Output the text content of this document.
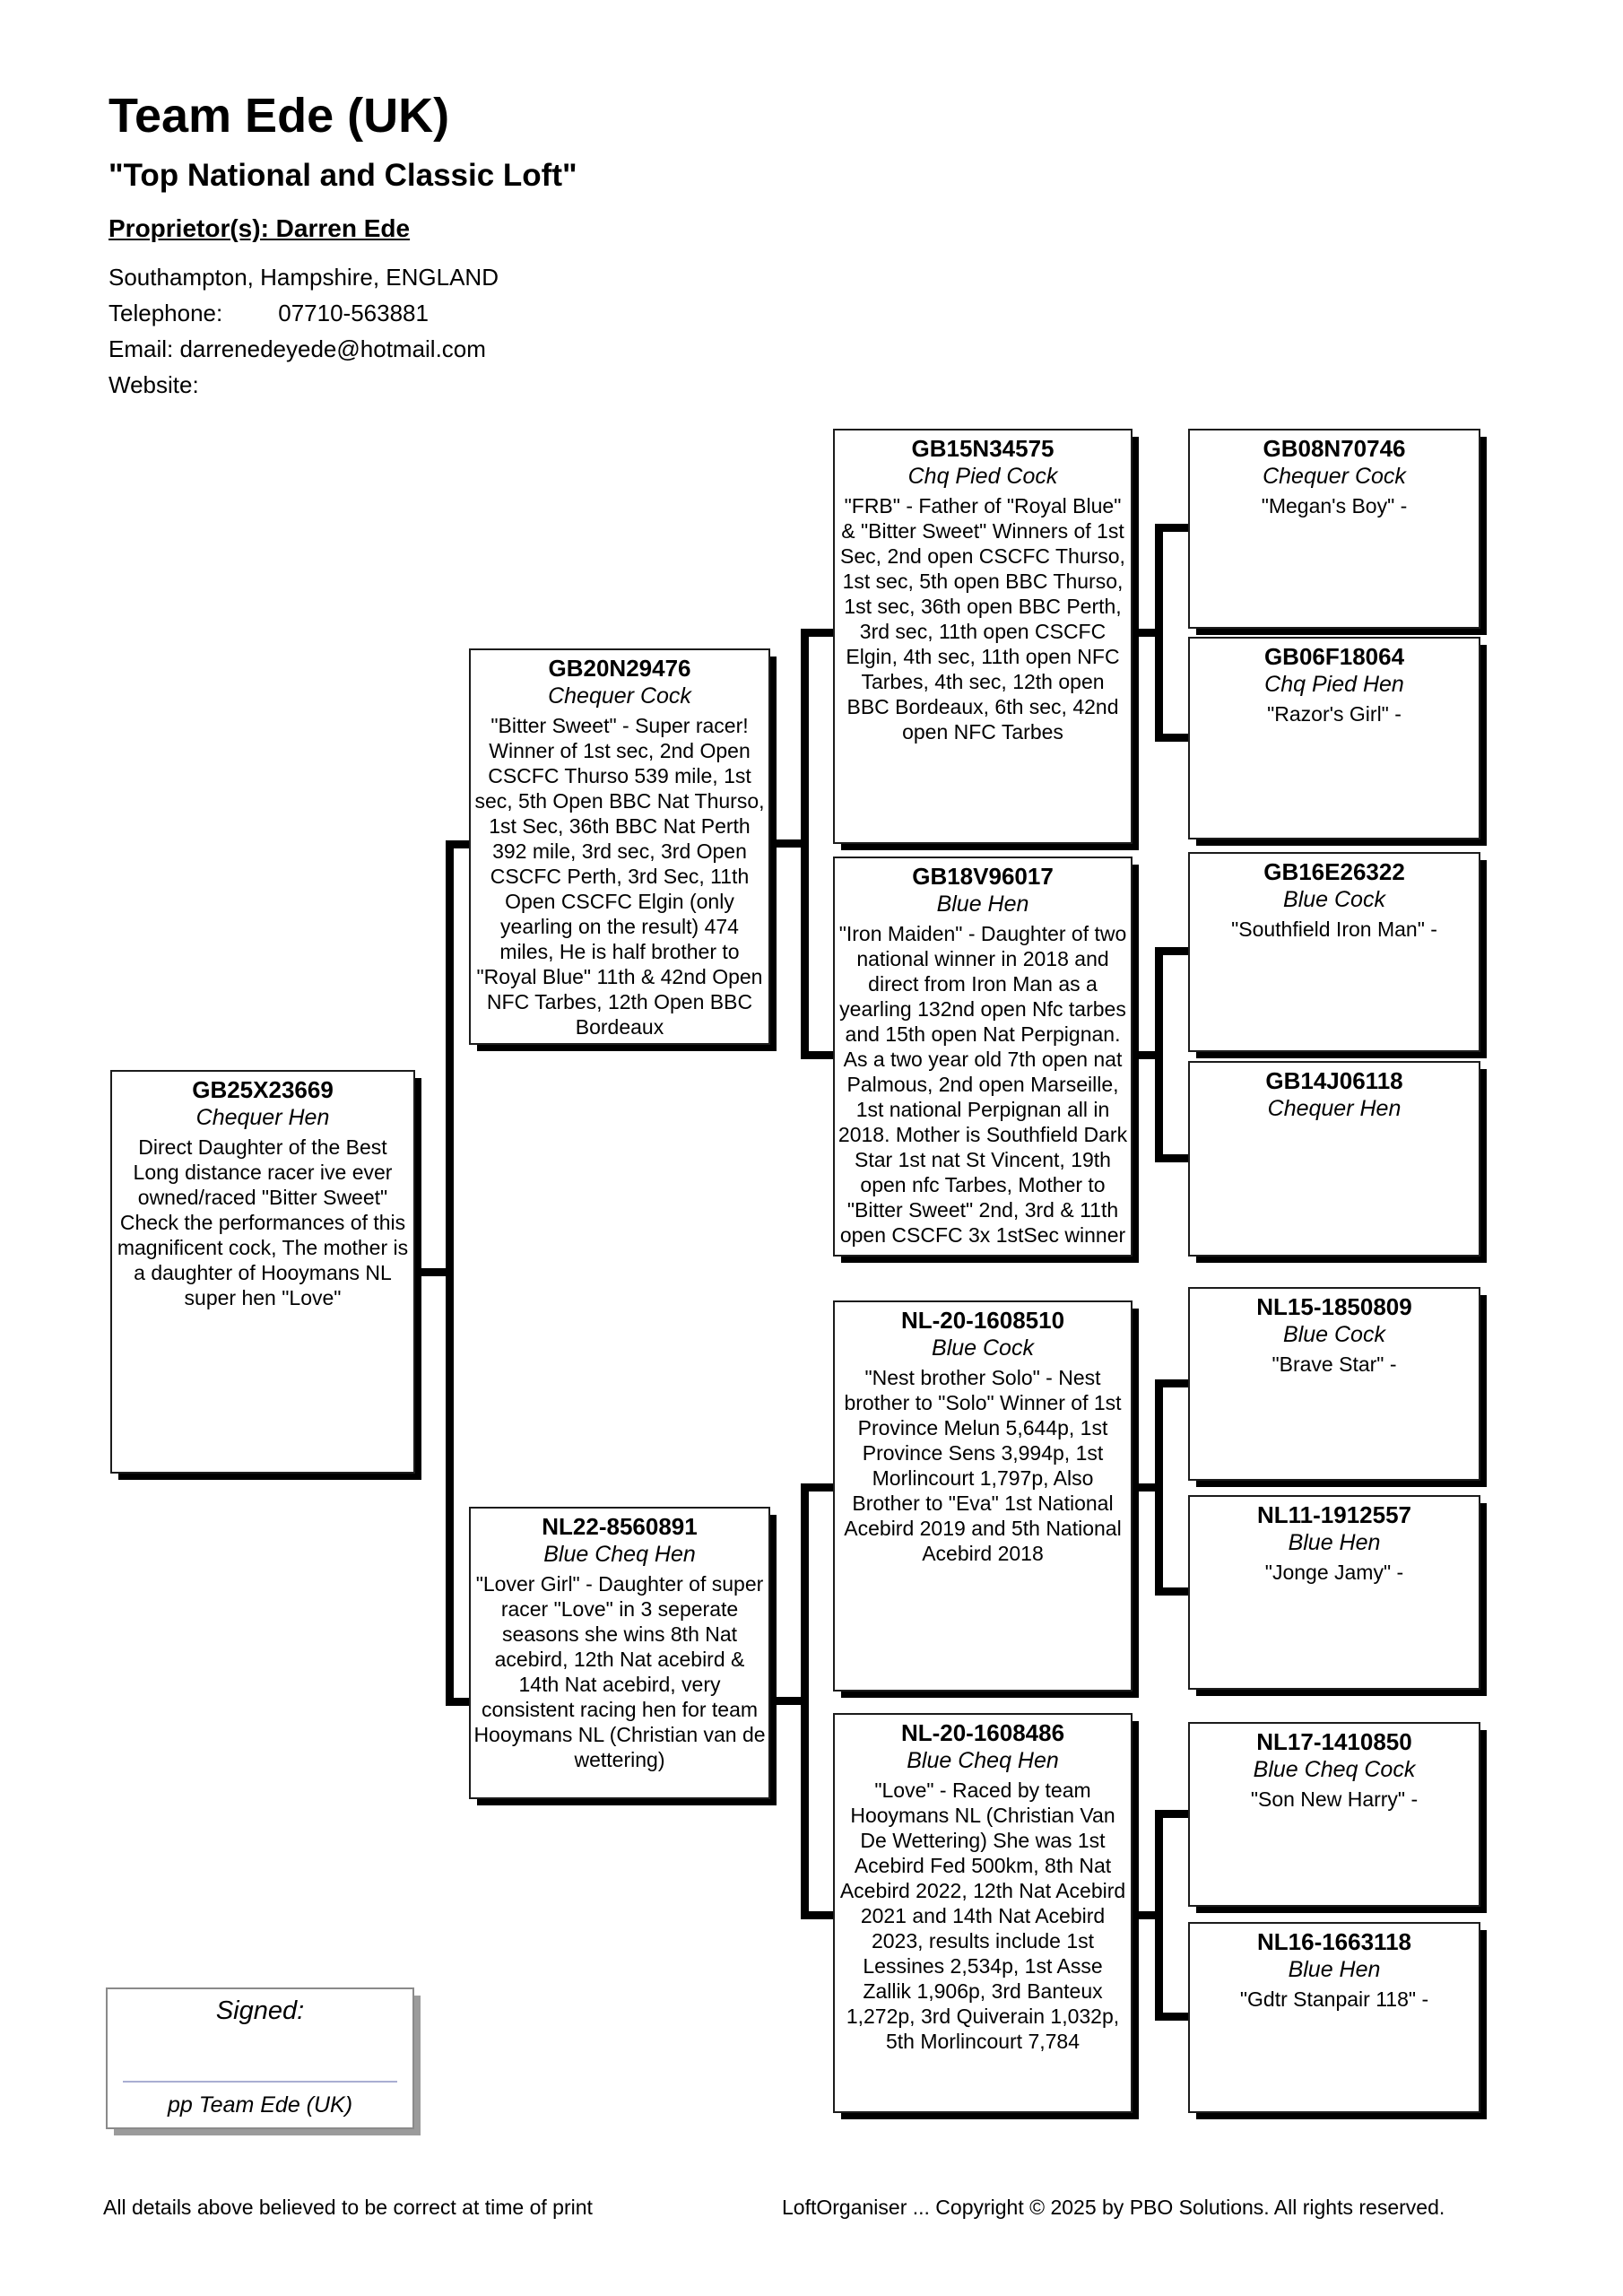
Team Ede (UK)
"Top National and Classic Loft"
Proprietor(s): Darren Ede
Southampton, Hampshire, ENGLAND
Telephone: 07710-563881
Email: darrenedeyede@hotmail.com
Website:
GB25X23669
Chequer Hen
Direct Daughter of the Best Long distance racer ive ever owned/raced "Bitter Sweet" Check the performances of this magnificent cock, The mother is a daughter of Hooymans NL super hen "Love"
GB20N29476
Chequer Cock
"Bitter Sweet" - Super racer! Winner of 1st sec, 2nd Open CSCFC Thurso 539 mile, 1st sec, 5th Open BBC Nat Thurso, 1st Sec, 36th BBC Nat Perth 392 mile, 3rd sec, 3rd Open CSCFC Perth, 3rd Sec, 11th Open CSCFC Elgin (only yearling on the result) 474 miles, He is half brother to "Royal Blue" 11th & 42nd Open NFC Tarbes, 12th Open BBC Bordeaux
NL22-8560891
Blue Cheq Hen
"Lover Girl" - Daughter of super racer "Love" in 3 seperate seasons she wins 8th Nat acebird, 12th Nat acebird & 14th Nat acebird, very consistent racing hen for team Hooymans NL (Christian van de wettering)
GB15N34575
Chq Pied Cock
"FRB" - Father of "Royal Blue" & "Bitter Sweet" Winners of 1st Sec, 2nd open CSCFC Thurso, 1st sec, 5th open BBC Thurso, 1st sec, 36th open BBC Perth, 3rd sec, 11th open CSCFC Elgin, 4th sec, 11th open NFC Tarbes, 4th sec, 12th open BBC Bordeaux, 6th sec, 42nd open NFC Tarbes
GB18V96017
Blue Hen
"Iron Maiden" - Daughter of two national winner in 2018 and direct from Iron Man as a yearling 132nd open Nfc tarbes and 15th open Nat Perpignan. As a two year old 7th open nat Palmous, 2nd open Marseille, 1st national Perpignan all in 2018. Mother is Southfield Dark Star 1st nat St Vincent, 19th open nfc Tarbes, Mother to "Bitter Sweet" 2nd, 3rd & 11th open CSCFC 3x 1stSec winner
NL-20-1608510
Blue Cock
"Nest brother Solo" - Nest brother to "Solo" Winner of 1st Province Melun 5,644p, 1st Province Sens 3,994p, 1st Morlincourt 1,797p, Also Brother to "Eva" 1st National Acebird 2019 and 5th National Acebird 2018
NL-20-1608486
Blue Cheq Hen
"Love" - Raced by team Hooymans NL (Christian Van De Wettering) She was 1st Acebird Fed 500km, 8th Nat Acebird 2022, 12th Nat Acebird 2021 and 14th Nat Acebird 2023, results include 1st Lessines 2,534p, 1st Asse Zallik 1,906p, 3rd Banteux 1,272p, 3rd Quiverain 1,032p, 5th Morlincourt 7,784
GB08N70746
Chequer Cock
"Megan's Boy" -
GB06F18064
Chq Pied Hen
"Razor's Girl" -
GB16E26322
Blue Cock
"Southfield Iron Man" -
GB14J06118
Chequer Hen
NL15-1850809
Blue Cock
"Brave Star" -
NL11-1912557
Blue Hen
"Jonge Jamy" -
NL17-1410850
Blue Cheq Cock
"Son New Harry" -
NL16-1663118
Blue Hen
"Gdtr Stanpair 118" -
Signed:
pp Team Ede (UK)
All details above believed to be correct at time of print	LoftOrganiser ... Copyright © 2025 by PBO Solutions. All rights reserved.
